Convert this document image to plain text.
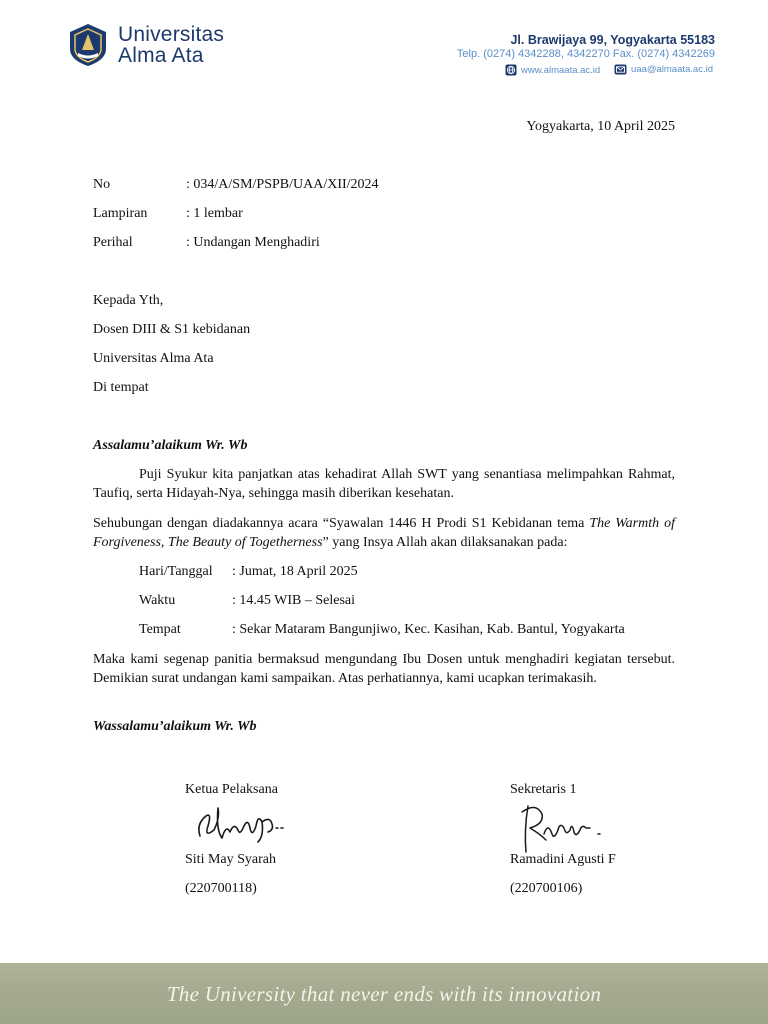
Universitas
Alma Ata
Jl. Brawijaya 99, Yogyakarta 55183
Telp. (0274) 4342288, 4342270 Fax. (0274) 4342269
www.almaata.ac.id	uaa@almaata.ac.id
Yogyakarta, 10 April 2025
No	: 034/A/SM/PSPB/UAA/XII/2024
Lampiran	: 1 lembar
Perihal	: Undangan Menghadiri
Kepada Yth,
Dosen DIII & S1 kebidanan
Universitas Alma Ata
Di tempat
Assalamu’alaikum Wr. Wb
Puji Syukur kita panjatkan atas kehadirat Allah SWT yang senantiasa melimpahkan Rahmat, Taufiq, serta Hidayah-Nya, sehingga masih diberikan kesehatan.
Sehubungan dengan diadakannya acara “Syawalan 1446 H Prodi S1 Kebidanan tema The Warmth of Forgiveness, The Beauty of Togetherness” yang Insya Allah akan dilaksanakan pada:
Hari/Tanggal : Jumat, 18 April 2025
Waktu	: 14.45 WIB – Selesai
Tempat	: Sekar Mataram Bangunjiwo, Kec. Kasihan, Kab. Bantul, Yogyakarta
Maka kami segenap panitia bermaksud mengundang Ibu Dosen untuk menghadiri kegiatan tersebut. Demikian surat undangan kami sampaikan. Atas perhatiannya, kami ucapkan terimakasih.
Wassalamu’alaikum Wr. Wb
Ketua Pelaksana
Siti May Syarah
(220700118)
Sekretaris 1
Ramadini Agusti F
(220700106)
The University that never ends with its innovation
